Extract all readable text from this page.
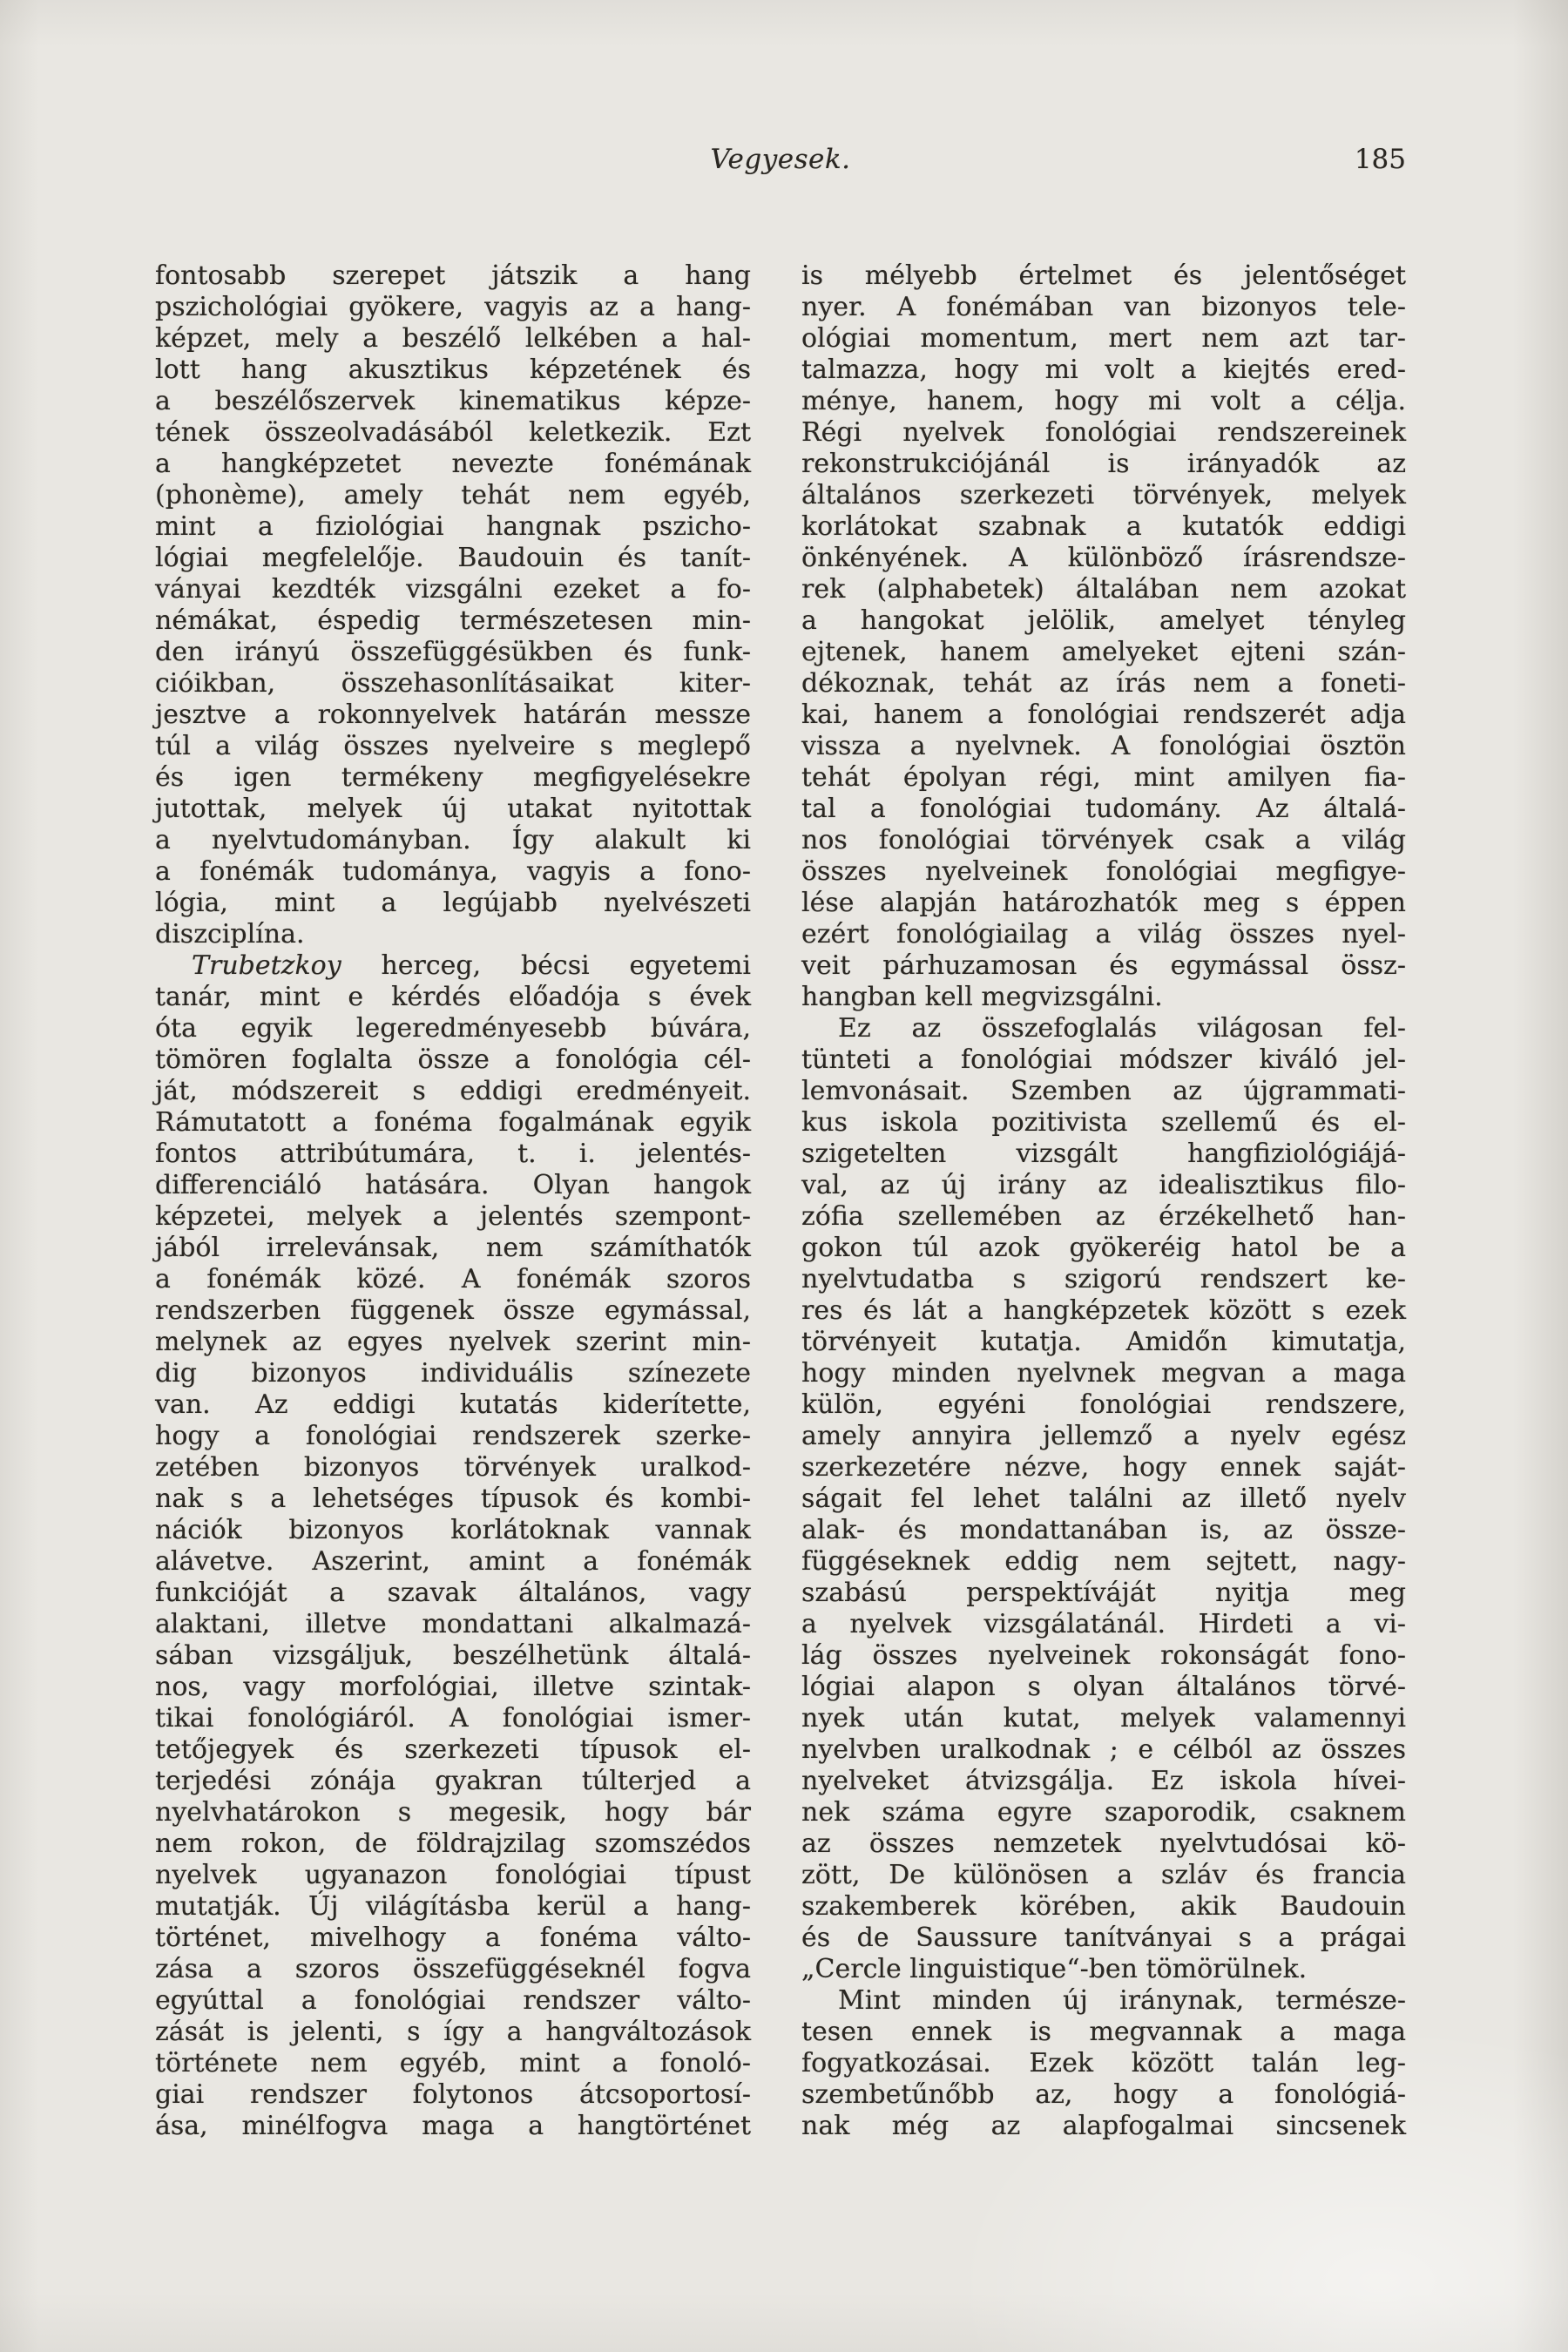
Vegyesek.	185
fontosabb szerepet játszik a hang
pszichológiai gyökere, vagyis az a hang-
képzet, mely a beszélő lelkében a hal-
lott hang akusztikus képzetének és
a beszélőszervek kinematikus képze-
tének összeolvadásából keletkezik. Ezt
a hangképzetet nevezte fonémának
(phonème), amely tehát nem egyéb,
mint a fiziológiai hangnak pszicho-
lógiai megfelelője. Baudouin és tanít-
ványai kezdték vizsgálni ezeket a fo-
némákat, éspedig természetesen min-
den irányú összefüggésükben és funk-
cióikban, összehasonlításaikat kiter-
jesztve a rokonnyelvek határán messze
túl a világ összes nyelveire s meglepő
és igen termékeny megfigyelésekre
jutottak, melyek új utakat nyitottak
a nyelvtudományban. Így alakult ki
a fonémák tudománya, vagyis a fono-
lógia, mint a legújabb nyelvészeti
diszciplína.
Trubetzkoy herceg, bécsi egyetemi
tanár, mint e kérdés előadója s évek
óta egyik legeredményesebb búvára,
tömören foglalta össze a fonológia cél-
ját, módszereit s eddigi eredményeit.
Rámutatott a fonéma fogalmának egyik
fontos attribútumára, t. i. jelentés-
differenciáló hatására. Olyan hangok
képzetei, melyek a jelentés szempont-
jából irrelevánsak, nem számíthatók
a fonémák közé. A fonémák szoros
rendszerben függenek össze egymással,
melynek az egyes nyelvek szerint min-
dig bizonyos individuális színezete
van. Az eddigi kutatás kiderítette,
hogy a fonológiai rendszerek szerke-
zetében bizonyos törvények uralkod-
nak s a lehetséges típusok és kombi-
nációk bizonyos korlátoknak vannak
alávetve. Aszerint, amint a fonémák
funkcióját a szavak általános, vagy
alaktani, illetve mondattani alkalmazá-
sában vizsgáljuk, beszélhetünk általá-
nos, vagy morfológiai, illetve szintak-
tikai fonológiáról. A fonológiai ismer-
tetőjegyek és szerkezeti típusok el-
terjedési zónája gyakran túlterjed a
nyelvhatárokon s megesik, hogy bár
nem rokon, de földrajzilag szomszédos
nyelvek ugyanazon fonológiai típust
mutatják. Új világításba kerül a hang-
történet, mivelhogy a fonéma válto-
zása a szoros összefüggéseknél fogva
egyúttal a fonológiai rendszer válto-
zását is jelenti, s így a hangváltozások
története nem egyéb, mint a fonoló-
giai rendszer folytonos átcsoportosí-
ása, minélfogva maga a hangtörténet
is mélyebb értelmet és jelentőséget
nyer. A fonémában van bizonyos tele-
ológiai momentum, mert nem azt tar-
talmazza, hogy mi volt a kiejtés ered-
ménye, hanem, hogy mi volt a célja.
Régi nyelvek fonológiai rendszereinek
rekonstrukciójánál is irányadók az
általános szerkezeti törvények, melyek
korlátokat szabnak a kutatók eddigi
önkényének. A különböző írásrendsze-
rek (alphabetek) általában nem azokat
a hangokat jelölik, amelyet tényleg
ejtenek, hanem amelyeket ejteni szán-
dékoznak, tehát az írás nem a foneti-
kai, hanem a fonológiai rendszerét adja
vissza a nyelvnek. A fonológiai ösztön
tehát épolyan régi, mint amilyen fia-
tal a fonológiai tudomány. Az általá-
nos fonológiai törvények csak a világ
összes nyelveinek fonológiai megfigye-
lése alapján határozhatók meg s éppen
ezért fonológiailag a világ összes nyel-
veit párhuzamosan és egymással össz-
hangban kell megvizsgálni.
Ez az összefoglalás világosan fel-
tünteti a fonológiai módszer kiváló jel-
lemvonásait. Szemben az újgrammati-
kus iskola pozitivista szellemű és el-
szigetelten vizsgált hangfiziológiájá-
val, az új irány az idealisztikus filo-
zófia szellemében az érzékelhető han-
gokon túl azok gyökeréig hatol be a
nyelvtudatba s szigorú rendszert ke-
res és lát a hangképzetek között s ezek
törvényeit kutatja. Amidőn kimutatja,
hogy minden nyelvnek megvan a maga
külön, egyéni fonológiai rendszere,
amely annyira jellemző a nyelv egész
szerkezetére nézve, hogy ennek saját-
ságait fel lehet találni az illető nyelv
alak- és mondattanában is, az össze-
függéseknek eddig nem sejtett, nagy-
szabású perspektíváját nyitja meg
a nyelvek vizsgálatánál. Hirdeti a vi-
lág összes nyelveinek rokonságát fono-
lógiai alapon s olyan általános törvé-
nyek után kutat, melyek valamennyi
nyelvben uralkodnak ; e célból az összes
nyelveket átvizsgálja. Ez iskola hívei-
nek száma egyre szaporodik, csaknem
az összes nemzetek nyelvtudósai kö-
zött, De különösen a szláv és francia
szakemberek körében, akik Baudouin
és de Saussure tanítványai s a prágai
„Cercle linguistique“-ben tömörülnek.
Mint minden új iránynak, természe-
tesen ennek is megvannak a maga
fogyatkozásai. Ezek között talán leg-
szembetűnőbb az, hogy a fonológiá-
nak még az alapfogalmai sincsenek
